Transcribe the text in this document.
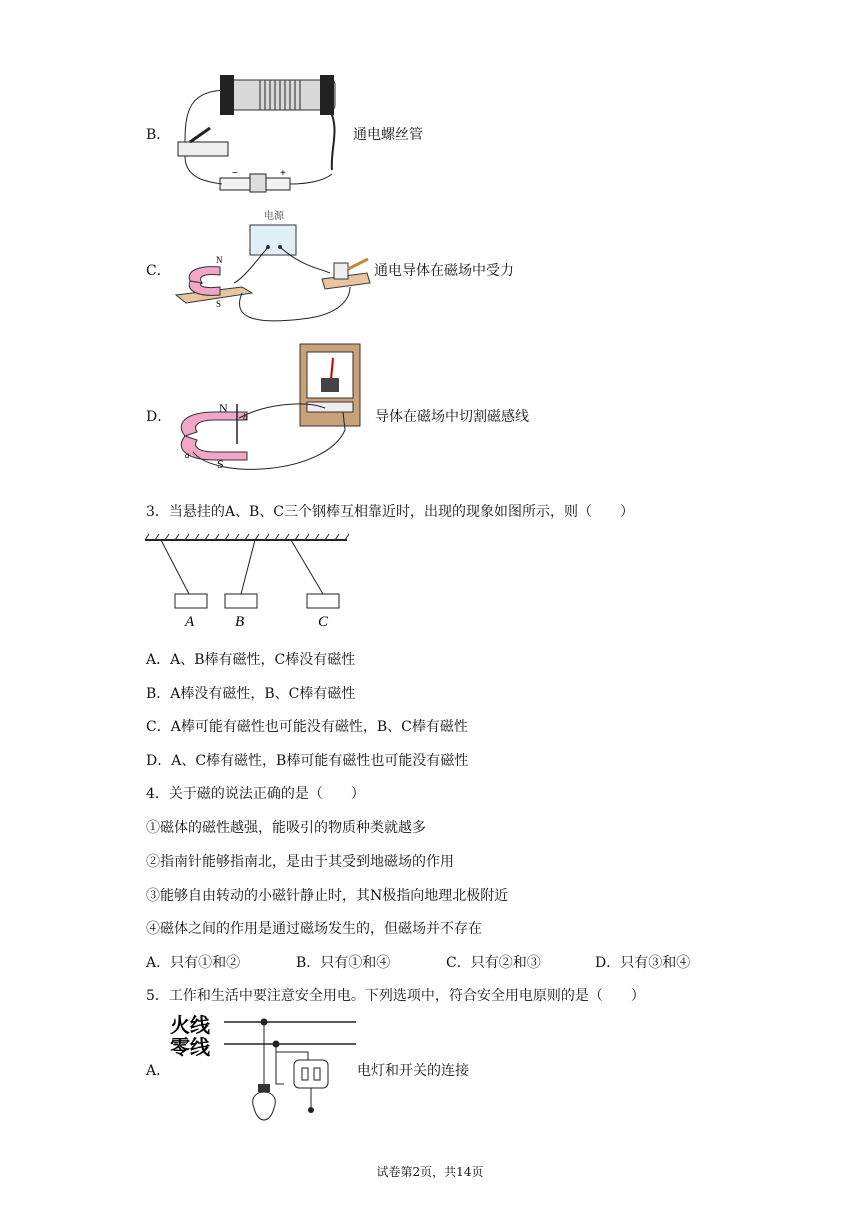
B．
−	+
通电螺丝管
C．
电源
N
S
通电导体在磁场中受力
D．
N
S
b
a
导体在磁场中切割磁感线
3．当悬挂的A、B、C三个钢棒互相靠近时，出现的现象如图所示，则（　　）
A	B	C
A．A、B棒有磁性，C棒没有磁性
B．A棒没有磁性，B、C棒有磁性
C．A棒可能有磁性也可能没有磁性，B、C棒有磁性
D．A、C棒有磁性，B棒可能有磁性也可能没有磁性
4．关于磁的说法正确的是（　　）
①磁体的磁性越强，能吸引的物质种类就越多
②指南针能够指南北，是由于其受到地磁场的作用
③能够自由转动的小磁针静止时，其N极指向地理北极附近
④磁体之间的作用是通过磁场发生的，但磁场并不存在
A．只有①和②	B．只有①和④	C．只有②和③	D．只有③和④
5．工作和生活中要注意安全用电。下列选项中，符合安全用电原则的是（　　）
A．
火线
零线
电灯和开关的连接
试卷第2页，共14页
